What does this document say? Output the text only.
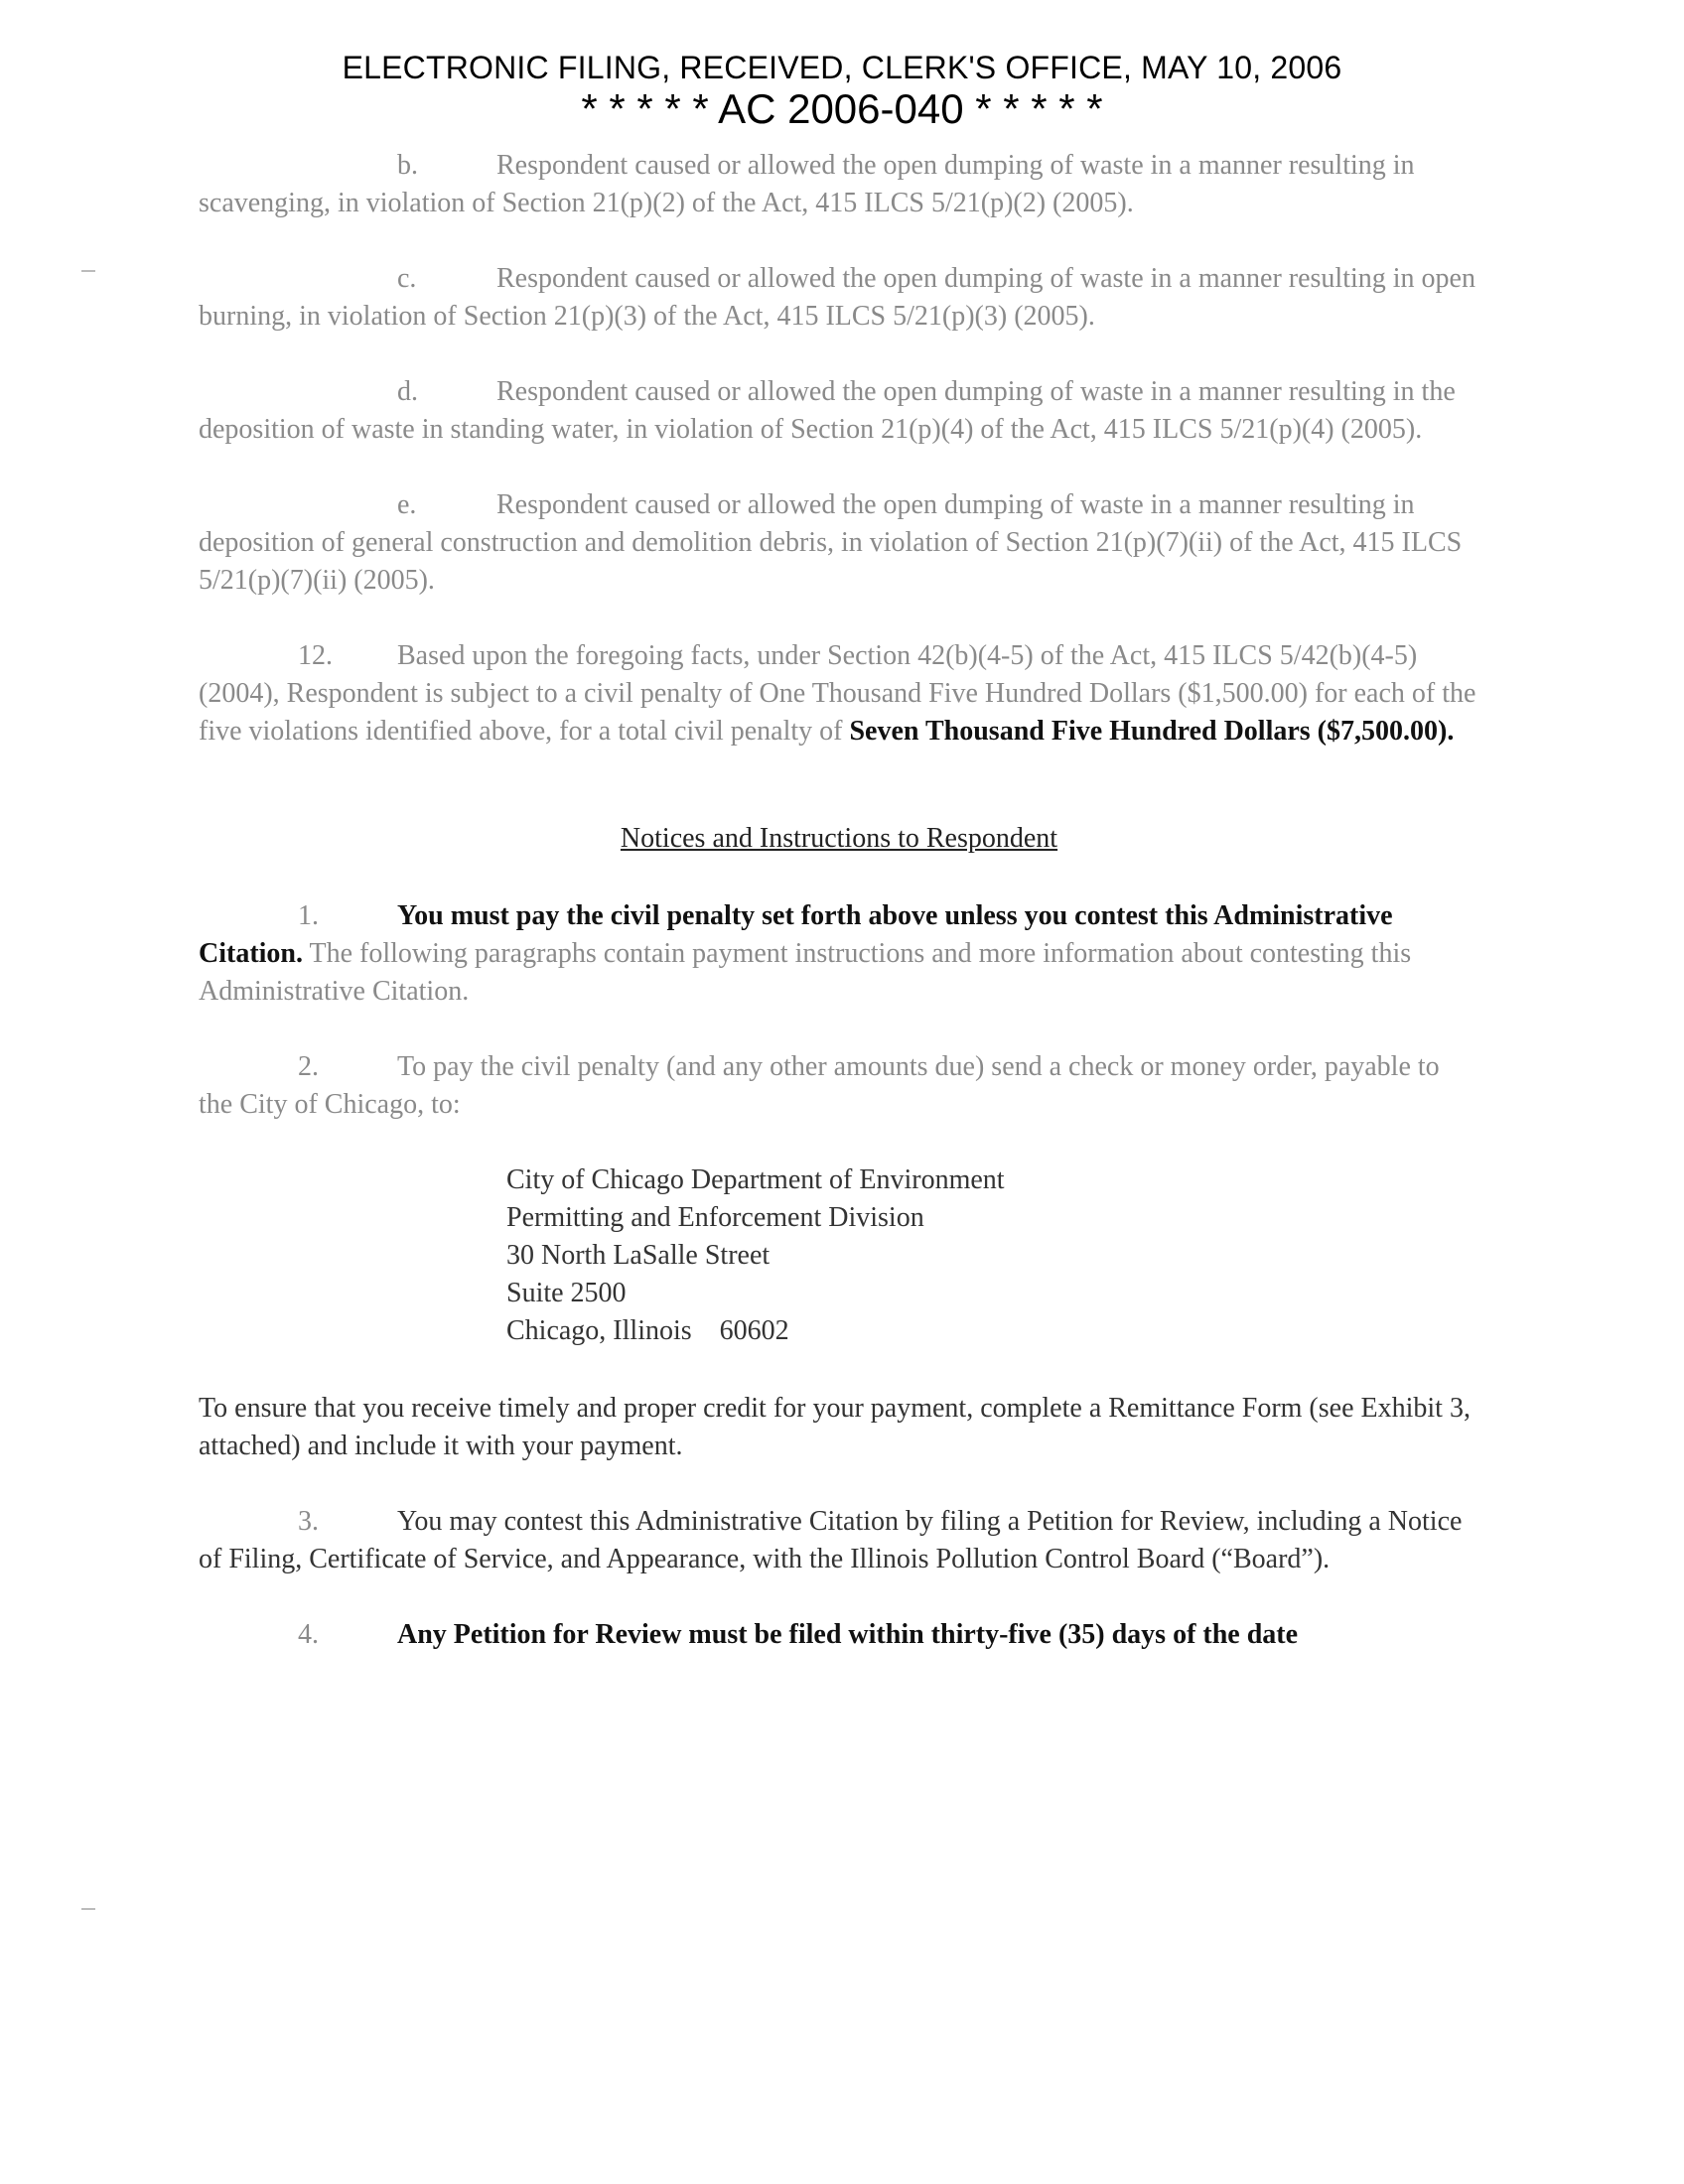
ELECTRONIC FILING, RECEIVED, CLERK'S OFFICE, MAY 10, 2006
* * * * * AC 2006-040 * * * * *

b.	Respondent caused or allowed the open dumping of waste in a manner resulting in scavenging, in violation of Section 21(p)(2) of the Act, 415 ILCS 5/21(p)(2) (2005).

c.	Respondent caused or allowed the open dumping of waste in a manner resulting in open burning, in violation of Section 21(p)(3) of the Act, 415 ILCS 5/21(p)(3) (2005).

d.	Respondent caused or allowed the open dumping of waste in a manner resulting in the deposition of waste in standing water, in violation of Section 21(p)(4) of the Act, 415 ILCS 5/21(p)(4) (2005).

e.	Respondent caused or allowed the open dumping of waste in a manner resulting in deposition of general construction and demolition debris, in violation of Section 21(p)(7)(ii) of the Act, 415 ILCS 5/21(p)(7)(ii) (2005).

12. Based upon the foregoing facts, under Section 42(b)(4-5) of the Act, 415 ILCS 5/42(b)(4-5) (2004), Respondent is subject to a civil penalty of One Thousand Five Hundred Dollars ($1,500.00) for each of the five violations identified above, for a total civil penalty of Seven Thousand Five Hundred Dollars ($7,500.00).

Notices and Instructions to Respondent

1.	You must pay the civil penalty set forth above unless you contest this Administrative Citation. The following paragraphs contain payment instructions and more information about contesting this Administrative Citation.

2.	To pay the civil penalty (and any other amounts due) send a check or money order, payable to the City of Chicago, to:

City of Chicago Department of Environment
Permitting and Enforcement Division
30 North LaSalle Street
Suite 2500
Chicago, Illinois    60602

To ensure that you receive timely and proper credit for your payment, complete a Remittance Form (see Exhibit 3, attached) and include it with your payment.

3.	You may contest this Administrative Citation by filing a Petition for Review, including a Notice of Filing, Certificate of Service, and Appearance, with the Illinois Pollution Control Board (“Board”).

4.	Any Petition for Review must be filed within thirty-five (35) days of the date
